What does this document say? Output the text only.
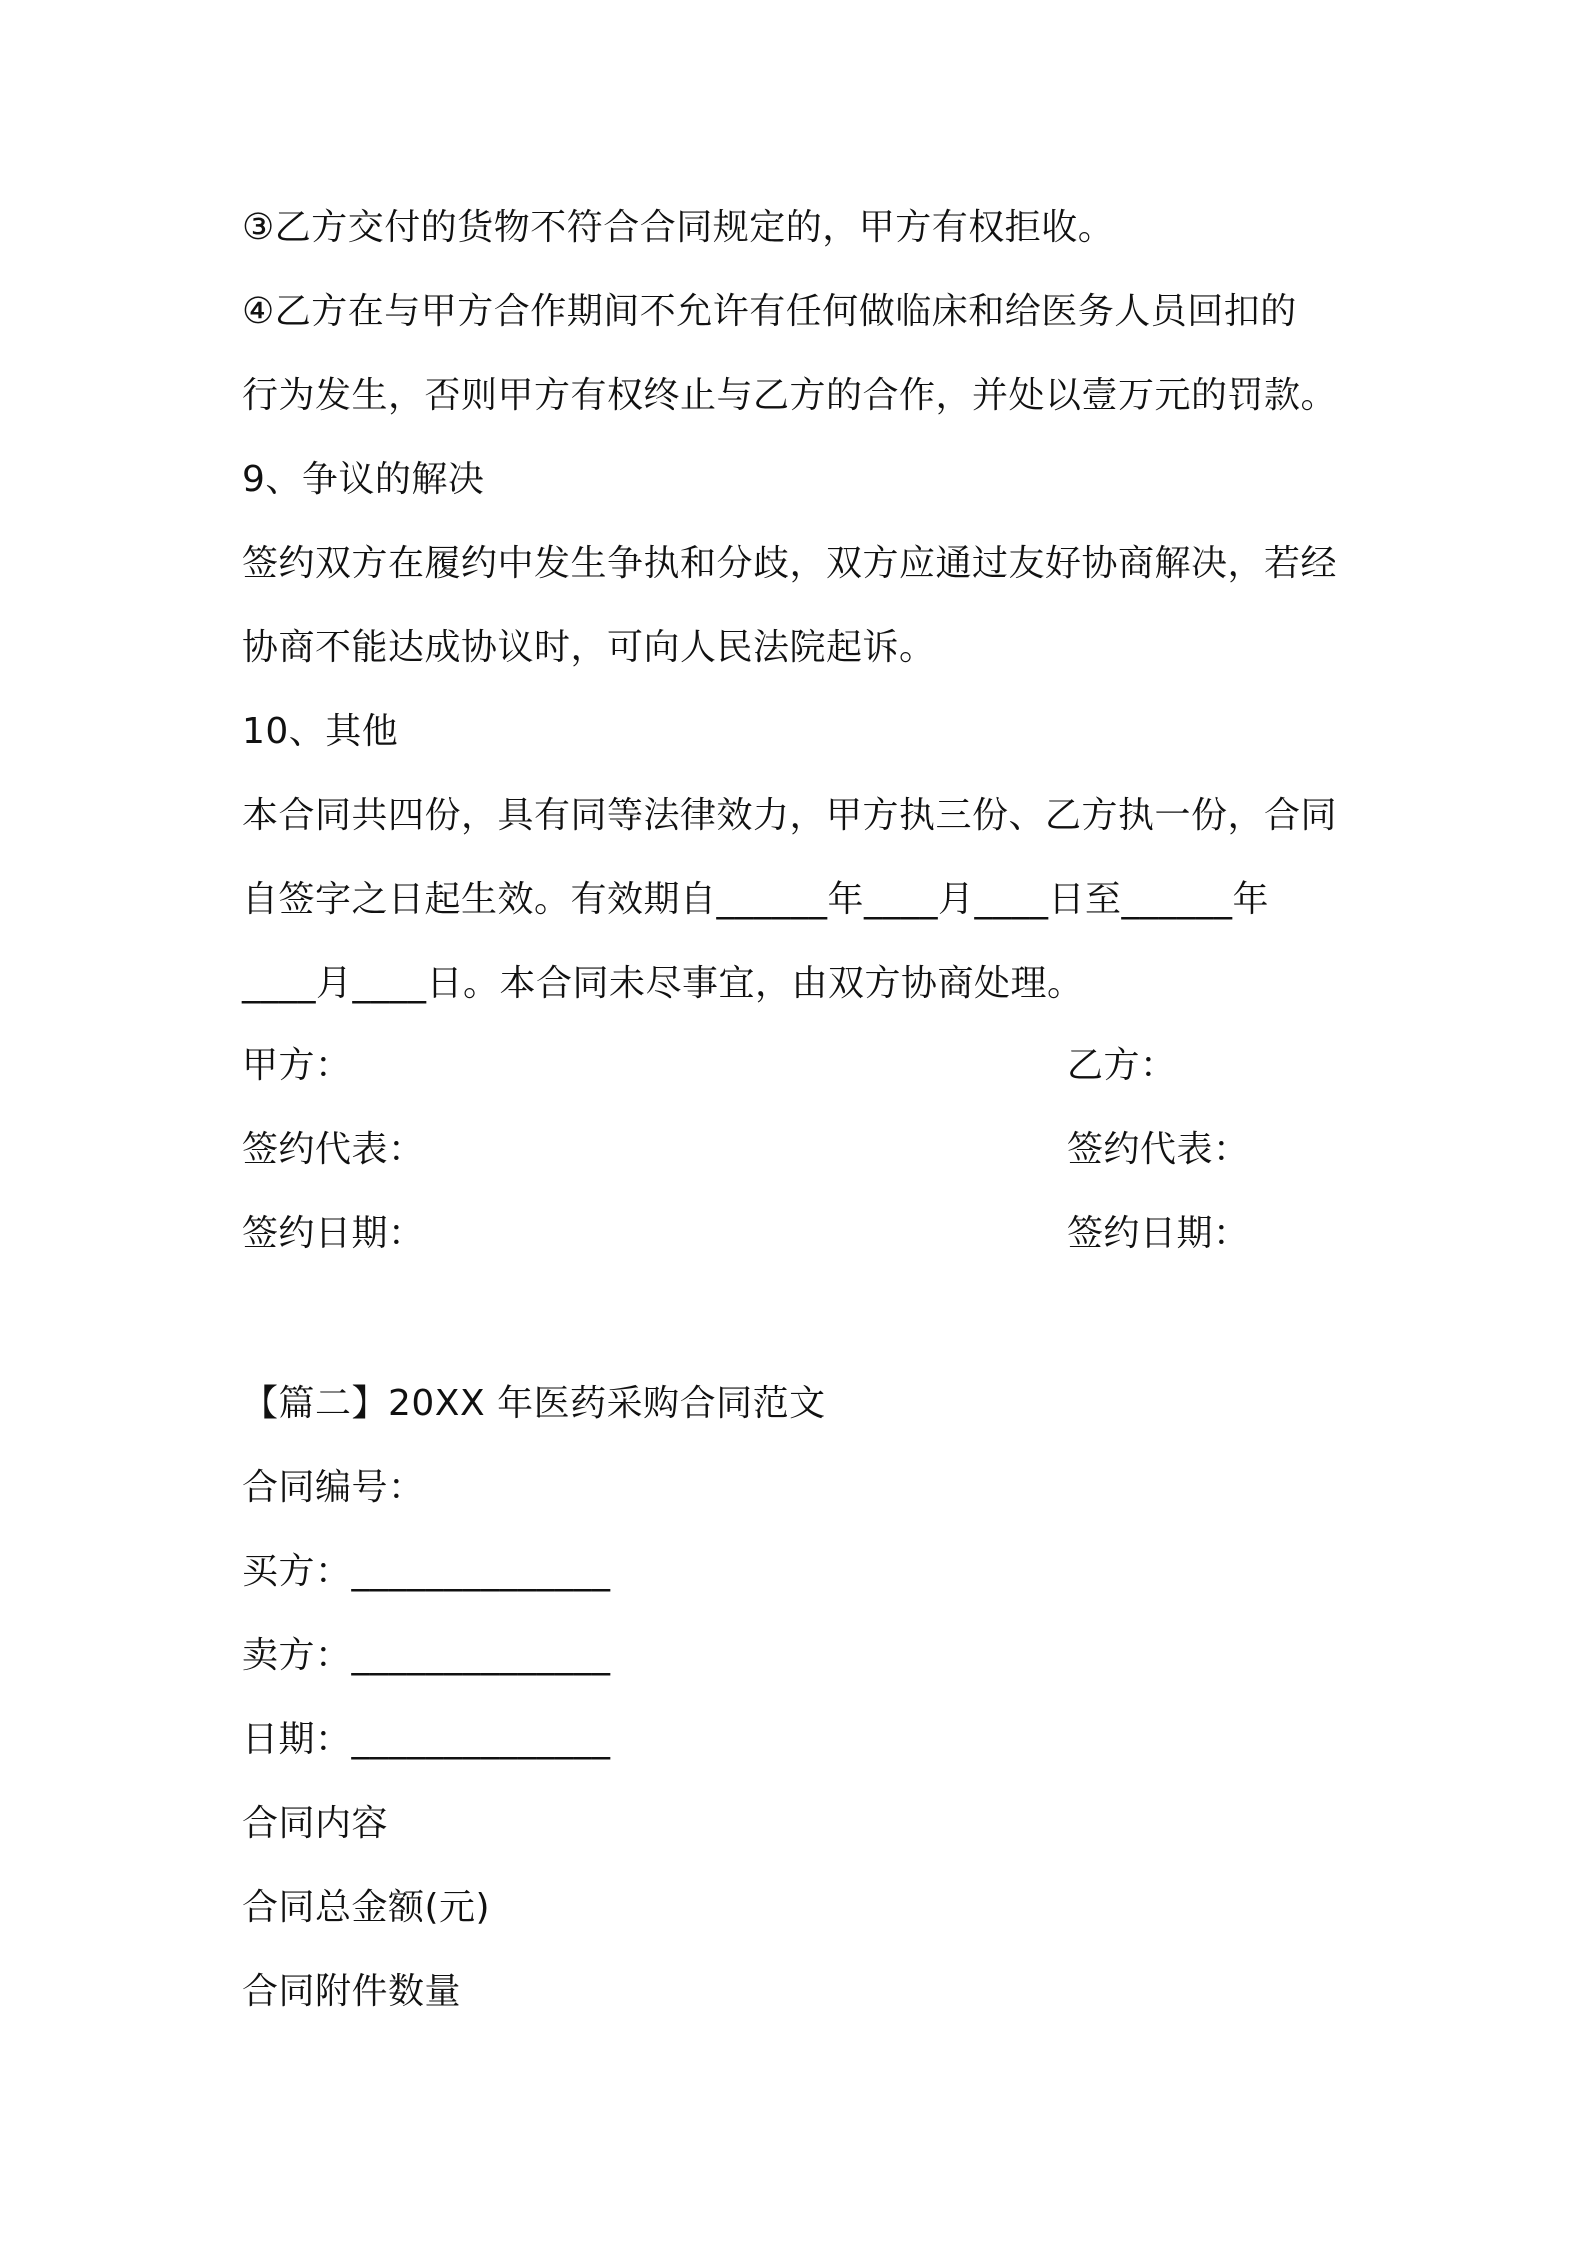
③乙方交付的货物不符合合同规定的，甲方有权拒收。
④乙方在与甲方合作期间不允许有任何做临床和给医务人员回扣的
行为发生，否则甲方有权终止与乙方的合作，并处以壹万元的罚款。
9、争议的解决
签约双方在履约中发生争执和分歧，双方应通过友好协商解决，若经
协商不能达成协议时，可向人民法院起诉。
10、其他
本合同共四份，具有同等法律效力，甲方执三份、乙方执一份，合同
自签字之日起生效。有效期自______年____月____日至______年
____月____日。本合同未尽事宜，由双方协商处理。
甲方：	乙方：
签约代表：	签约代表：
签约日期：	签约日期：
【篇二】20XX 年医药采购合同范文
合同编号：
买方：______________
卖方：______________
日期：______________
合同内容
合同总金额(元)
合同附件数量
